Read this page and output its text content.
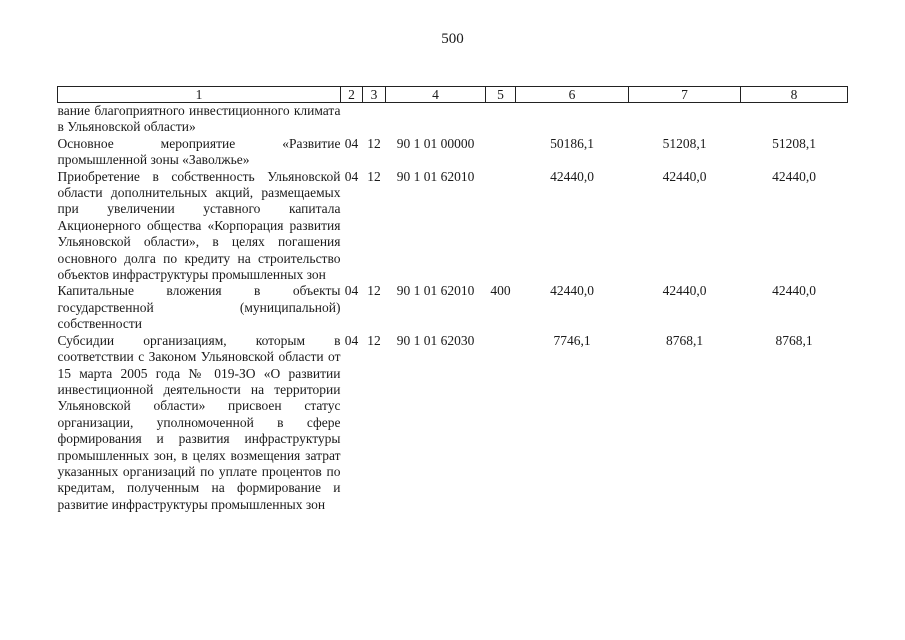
500
1	2	3	4	5	6	7	8
вание благоприятного инвестиционного климата в Ульяновской области»							
Основное мероприятие «Развитие промышленной зоны «Заволжье»	04	12	90 1 01 00000		50186,1	51208,1	51208,1
Приобретение в собственность Ульяновской области дополнительных акций, размещаемых при увеличении уставного капитала Акционерного общества «Корпорация развития Ульяновской области», в целях погашения основного долга по кредиту на строительство объектов инфраструктуры промышленных зон	04	12	90 1 01 62010		42440,0	42440,0	42440,0
Капитальные вложения в объекты государственной (муниципальной) собственности	04	12	90 1 01 62010	400	42440,0	42440,0	42440,0
Субсидии организациям, которым в соответствии с Законом Ульяновской области от 15 марта 2005 года № 019-ЗО «О развитии инвестиционной деятельности на территории Ульяновской области» присвоен статус организации, уполномоченной в сфере формирования и развития инфраструктуры промышленных зон, в целях возмещения затрат указанных организаций по уплате процентов по кредитам, полученным на формирование и развитие инфраструктуры промышленных зон	04	12	90 1 01 62030		7746,1	8768,1	8768,1
